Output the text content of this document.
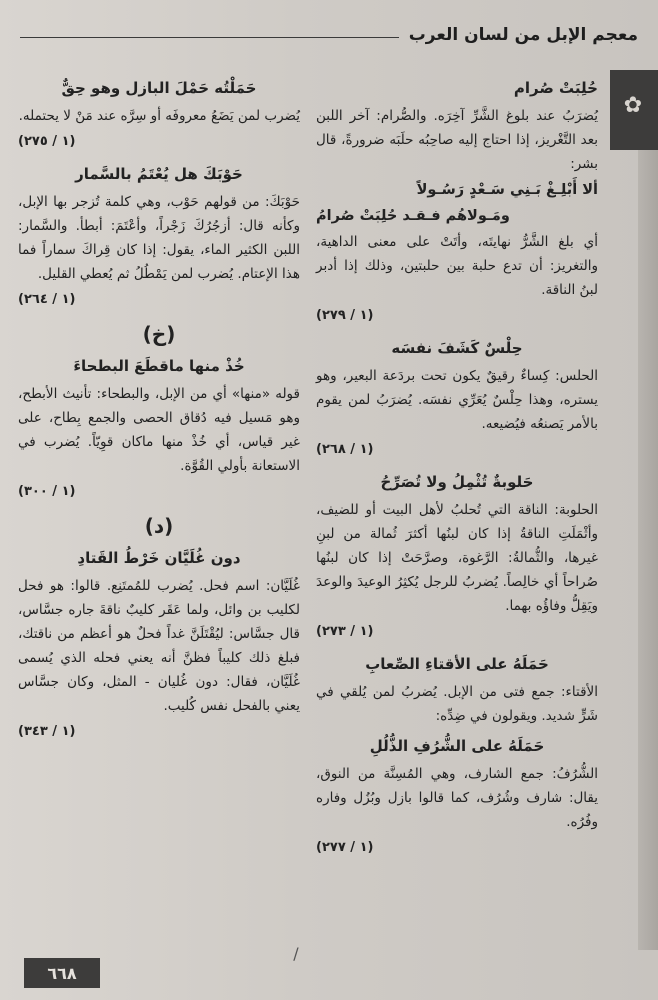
معجم الإبل من لسان العرب
✿
حُلِبَتْ صُرام

يُضرَبُ عند بلوغ الشَّرِّ آخِرَه. والصُّرام: آخر اللبن بعد التَّغْريز، إذا احتاج إليه صاحِبُه حلَبَه ضرورةً، قال بشر:

ألا أَبْلِـغْ بَـنِي سَـعْدٍ رَسُـولاً
ومَـولاهُم فـقـد حُلِبَتْ صُرامُ

أي بلغ الشَّرُّ نهايتَه، وأتَتْ على معنى الداهية، والتغريز: أن تدع حلبة بين حلبتين، وذلك إذا أدبر لبنُ الناقة.

(١ / ٢٧٩)
حِلْسٌ كَشَفَ نفسَه

الحلس: كِساءٌ رقيقٌ يكون تحت بردَعة البعير، وهو يستره، وهذا حِلْسٌ يُعَرِّي نفسَه. يُضرَبُ لمن يقوم بالأمر يَصنعُه فيُضيعه.

(١ / ٢٦٨)
حَلوبةٌ تُثْمِلُ ولا تُصَرِّحُ

الحلوبة: الناقة التي تُحلبُ لأهل البيت أو للضيف، وأثْمَلَتِ الناقةُ إذا كان لبنُها أكثرَ ثُمالة من لبنِ غيرها، والثُّمالةُ: الرَّغوة، وصرَّحَتْ إذا كان لبنُها صُراحاً أي خالِصاً. يُضربُ للرجل يُكثِرُ الوعيدَ والوعدَ ويَقِلُّ وفاؤُه بهما.

(١ / ٢٧٣)
حَمَلَهُ على الأقتاءِ الصِّعابِ

الأقتاء: جمع فتى من الإبل. يُضربُ لمن يُلقي في شَرٍّ شديد. ويقولون في ضِدِّه:

حَمَلَهُ على الشُّرُفِ الذُّلُلِ

الشُّرُفُ: جمع الشارف، وهي المُسِنَّة من النوق، يقال: شارف وشُرُف، كما قالوا بازل وبُزُل وفاره وفُرُه.

(١ / ٢٧٧)
حَمَلْتُه حَمْلَ البازل وهو حِقٌّ

يُضرب لمن يَضَعُ معروفَه أو سِرَّه عند مَنْ لا يحتمله.

(١ / ٢٧٥)
حَوْبَكَ هل يُعْتَمُ بالسَّمار

حَوْبَكَ: من قولهم حَوْب، وهي كلمة تُزجر بها الإبل، وكأنه قال: أزجُرُكَ زَجْراً، وأعْتَمَ: أبطأ. والسَّمار: اللبن الكثير الماء، يقول: إذا كان قِراكَ سماراً فما هذا الإعتام. يُضرب لمن يَمْطُلُ ثم يُعطي القليل.

(١ / ٢٦٤)
(خ)
خُذْ منها ماقطَعَ البطحاءَ

قوله «منها» أي من الإبل، والبطحاء: تأنيث الأبطح، وهو مَسيل فيه دُقاق الحصى والجمع بِطاح، على غير قياس، أي خُذْ منها ماكان قوِيّاً. يُضرب في الاستعانة بأولي القُوَّة.

(١ / ٣٠٠)
(د)
دون غُلَيَّان خَرْطُ القَتادِ

غُلَيَّان: اسم فحل. يُضرب للمُمتَنِع. قالوا: هو فحل لكليب بن وائل، ولما عَقَر كليبٌ ناقةَ جاره جسَّاس، قال جسَّاس: ليُقْتَلَنَّ غداً فحلٌ هو أعظم من ناقتك، فبلغ ذلك كليباً فظنَّ أنه يعني فحله الذي يُسمى غُلَيَّان، فقال: دون غُليان - المثل، وكان جسَّاس يعني بالفحل نفس كُليب.

(١ / ٣٤٣)
/
٦٦٨
